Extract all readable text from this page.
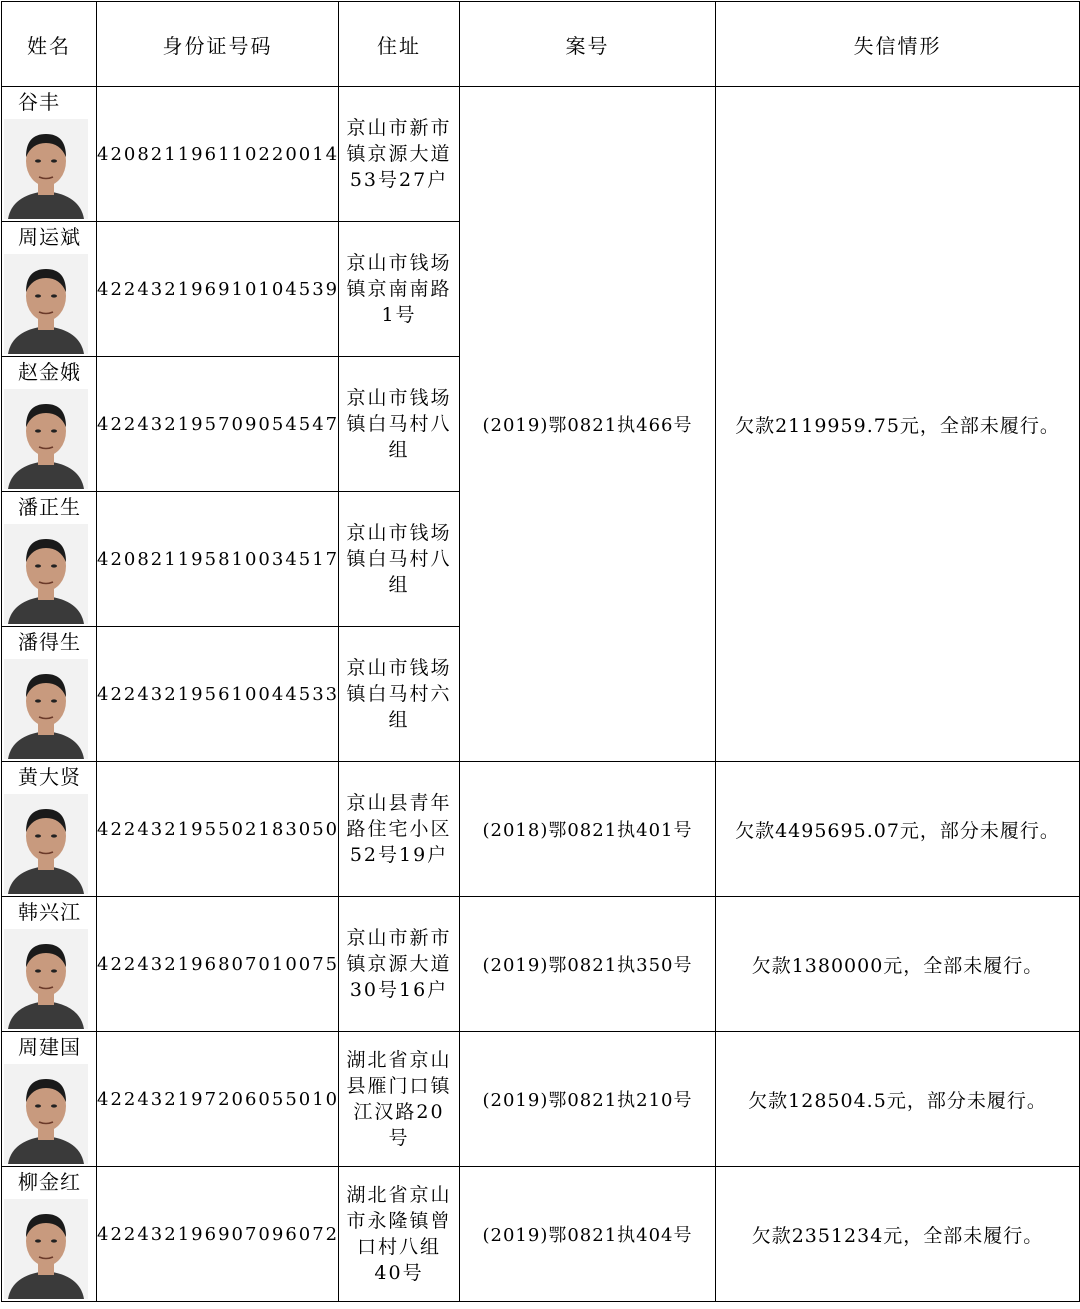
姓名	身份证号码	住址	案号	失信情形

谷丰	420821196110220014	京山市新市镇京源大道53号27户	(2019)鄂0821执466号	欠款2119959.75元，全部未履行。

周运斌	422432196910104539	京山市钱场镇京南南路1号		

赵金娥	422432195709054547	京山市钱场镇白马村八组		

潘正生	420821195810034517	京山市钱场镇白马村八组		

潘得生	422432195610044533	京山市钱场镇白马村六组		

黄大贤	422432195502183050	京山县青年路住宅小区52号19户	(2018)鄂0821执401号	欠款4495695.07元，部分未履行。

韩兴江	422432196807010075	京山市新市镇京源大道30号16户	(2019)鄂0821执350号	欠款1380000元，全部未履行。

周建国	422432197206055010	湖北省京山县雁门口镇江汉路20号	(2019)鄂0821执210号	欠款128504.5元，部分未履行。

柳金红	422432196907096072	湖北省京山市永隆镇曾口村八组40号	(2019)鄂0821执404号	欠款2351234元，全部未履行。
